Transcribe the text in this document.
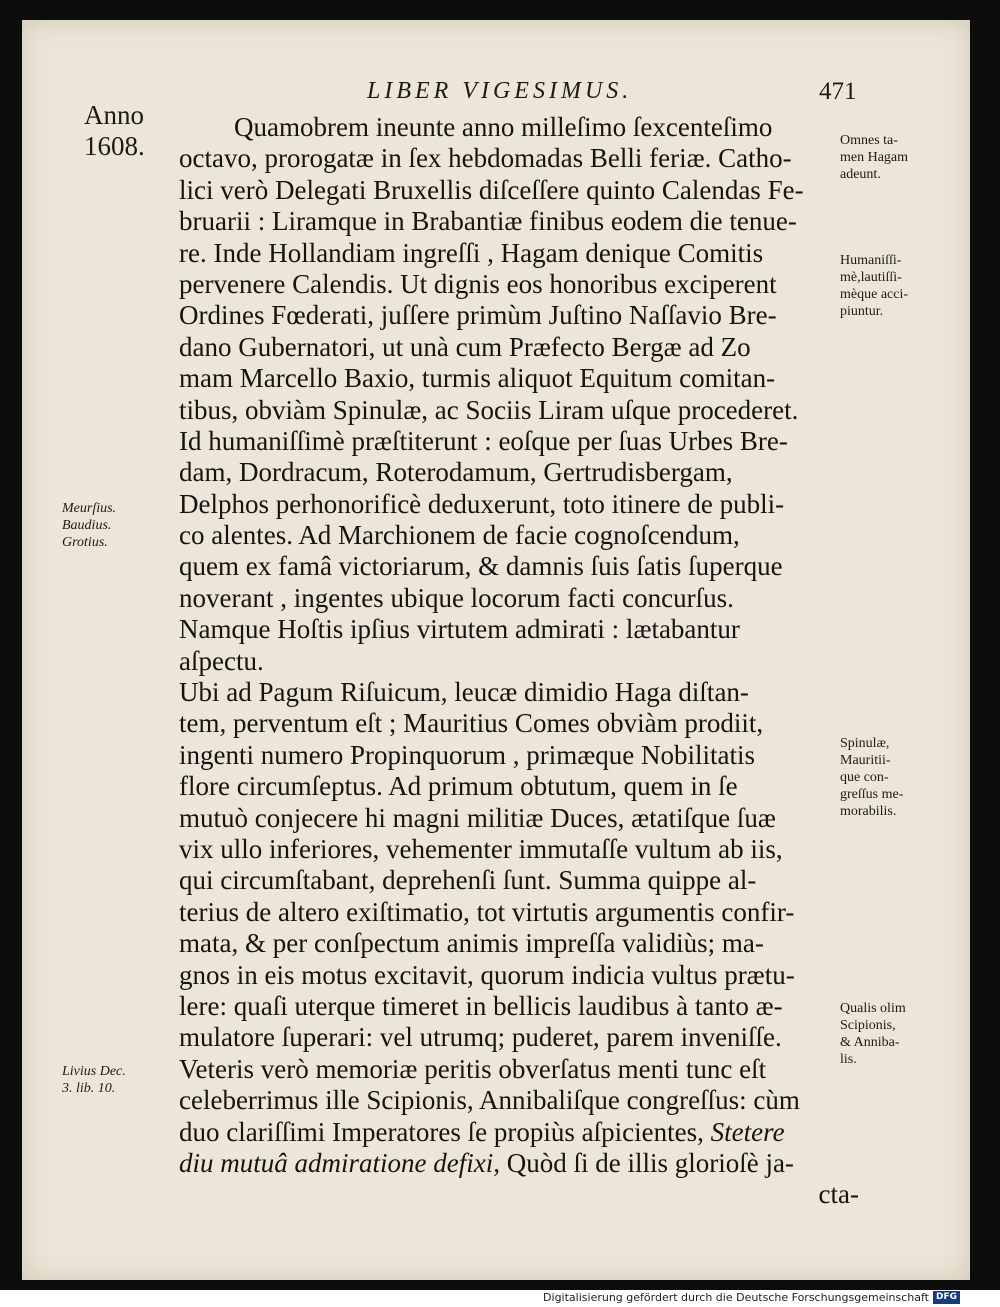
LIBER VIGESIMUS.	471
Anno
1608.
Meurſius.
Baudius.
Grotius.
Livius Dec.
3. lib. 10.
Omnes ta-
men Hagam
adeunt.
Humaniſſi-
mè,lautiſſi-
mèque acci-
piuntur.
Spinulæ,
Mauritii-
que con-
greſſus me-
morabilis.
Qualis olim
Scipionis,
& Anniba-
lis.
Quamobrem ineunte anno milleſimo ſexcenteſimo
octavo, prorogatæ in ſex hebdomadas Belli feriæ. Catho-
lici verò Delegati Bruxellis diſceſſere quinto Calendas Fe-
bruarii : Liramque in Brabantiæ finibus eodem die tenue-
re. Inde Hollandiam ingreſſi , Hagam denique Comitis
pervenere Calendis. Ut dignis eos honoribus exciperent
Ordines Fœderati, juſſere primùm Juſtino Naſſavio Bre-
dano Gubernatori, ut unà cum Præfecto Bergæ ad Zo
mam Marcello Baxio, turmis aliquot Equitum comitan-
tibus, obviàm Spinulæ, ac Sociis Liram uſque procederet.
Id humaniſſimè præſtiterunt : eoſque per ſuas Urbes Bre-
dam, Dordracum, Roterodamum, Gertrudisbergam,
Delphos perhonorificè deduxerunt, toto itinere de publi-
co alentes. Ad Marchionem de facie cognoſcendum,
quem ex famâ victoriarum, & damnis ſuis ſatis ſuperque
noverant , ingentes ubique locorum facti concurſus.
Namque Hoſtis ipſius virtutem admirati : lætabantur
aſpectu.
Ubi ad Pagum Riſuicum, leucæ dimidio Haga diſtan-
tem, perventum eſt ; Mauritius Comes obviàm prodiit,
ingenti numero Propinquorum , primæque Nobilitatis
flore circumſeptus. Ad primum obtutum, quem in ſe
mutuò conjecere hi magni militiæ Duces, ætatiſque ſuæ
vix ullo inferiores, vehementer immutaſſe vultum ab iis,
qui circumſtabant, deprehenſi ſunt. Summa quippe al-
terius de altero exiſtimatio, tot virtutis argumentis confir-
mata, & per conſpectum animis impreſſa validiùs; ma-
gnos in eis motus excitavit, quorum indicia vultus prætu-
lere: quaſi uterque timeret in bellicis laudibus à tanto æ-
mulatore ſuperari: vel utrumq; puderet, parem inveniſſe.
Veteris verò memoriæ peritis obverſatus menti tunc eſt
celeberrimus ille Scipionis, Annibaliſque congreſſus: cùm
duo clariſſimi Imperatores ſe propiùs aſpicientes, Stetere
diu mutuâ admiratione defixi, Quòd ſi de illis glorioſè ja-
cta-
Digitalisierung gefördert durch die Deutsche Forschungsgemeinschaft DFG
